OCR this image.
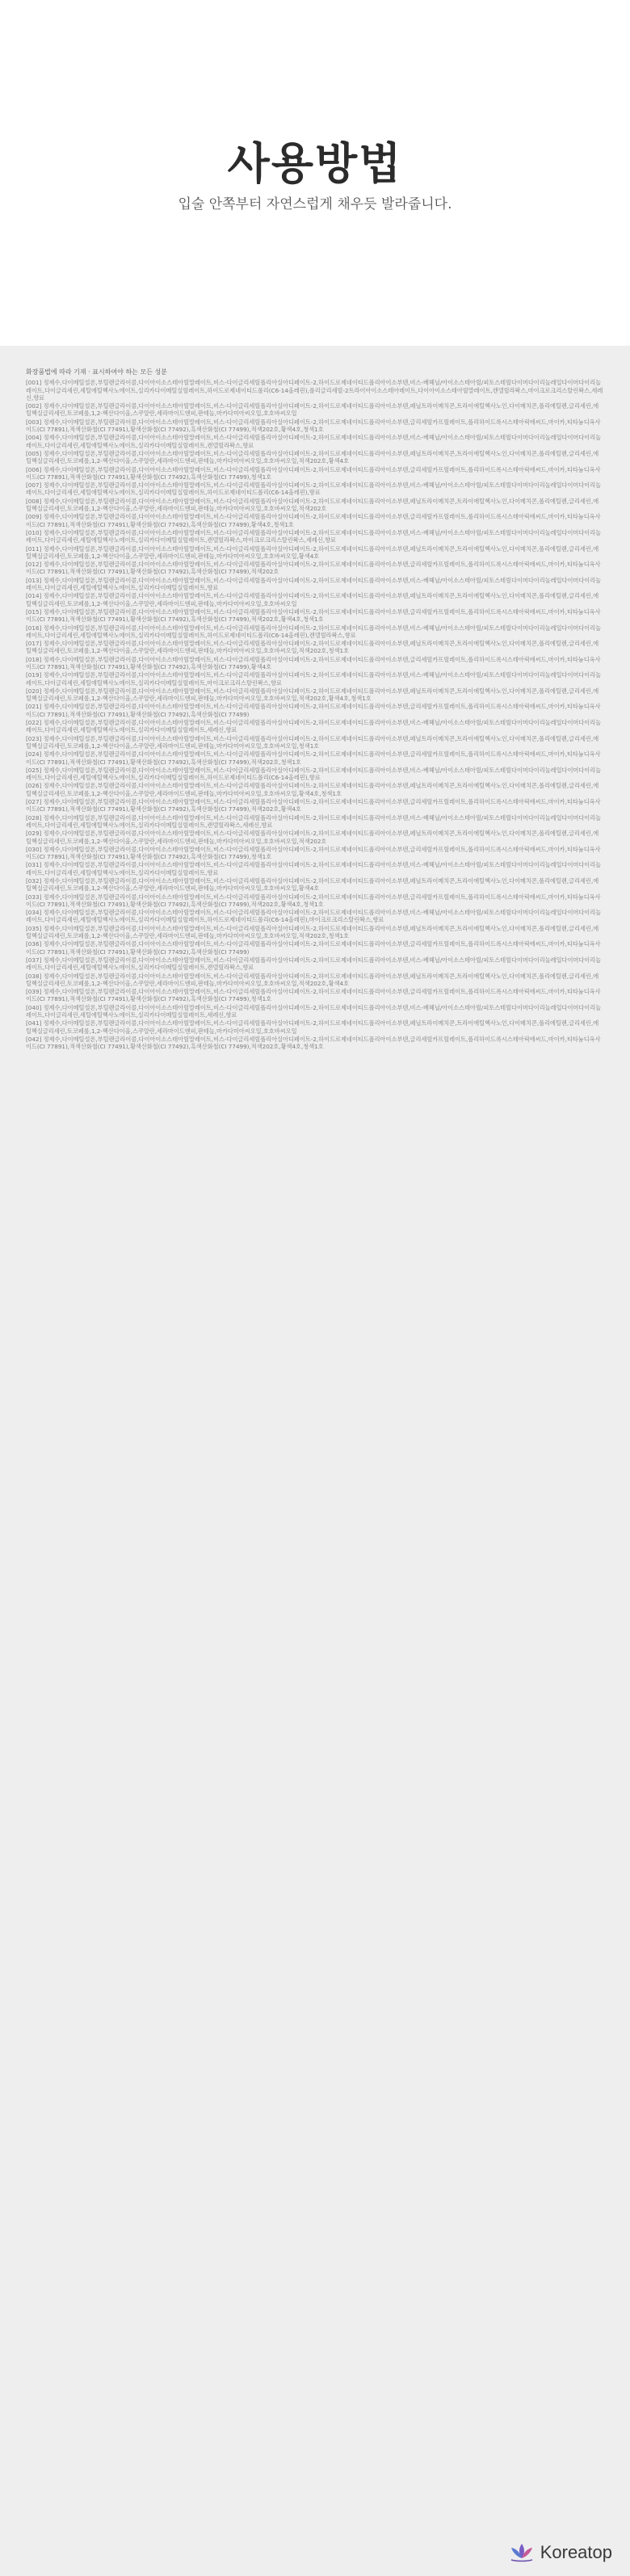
사용방법
입술 안쪽부터 자연스럽게 채우듯 발라줍니다.
화장품법에 따라 기재 · 표시하여야 하는 모든 성분
[001] 정제수,다이메틸설폰,부틸렌글라이콜,다이아이소스테아릴말레이트,비스-다이글리세릴폴리아실아디페이트-2,하이드로제네이티드폴리아이소부텐,비스-베헤닐/아이소스테아릴/피토스테릴다이머다이리놀레일다이머다이리놀레이트,다이글리세린,세틸에틸헥사노에이트,실리카다이메틸실릴레이트,하이드로제네이티드폴리(C6-14올레핀),폴리글리세릴-2트라이아이소스테아레이트,다이아이소스테아릴말레이트,캔델릴라왁스,마이크로크리스탈린왁스,세레신,향료
[002] 정제수,다이메틸설폰,부틸렌글라이콜,다이아이소스테아릴말레이트,비스-다이글리세릴폴리아실아디페이트-2,하이드로제네이티드폴리아이소부텐,페닐트라이메치콘,트라이에틸헥사노인,다이메치콘,폴리에틸렌,글리세린,에틸헥실글리세린,토코페롤,1,2-헥산다이올,스쿠알란,세라마이드엔피,판테놀,마카다미아씨오일,호호바씨오일
[003] 정제수,다이메틸설폰,부틸렌글라이콜,다이아이소스테아릴말레이트,비스-다이글리세릴폴리아실아디페이트-2,하이드로제네이티드폴리아이소부텐,글리세릴카프릴레이트,폴리하이드록시스테아릭애씨드,마이카,티타늄디옥사이드(CI 77891),적색산화철(CI 77491),황색산화철(CI 77492),흑색산화철(CI 77499),적색202호,황색4호,청색1호
[004] 정제수,다이메틸설폰,부틸렌글라이콜,다이아이소스테아릴말레이트,비스-다이글리세릴폴리아실아디페이트-2,하이드로제네이티드폴리아이소부텐,비스-베헤닐/아이소스테아릴/피토스테릴다이머다이리놀레일다이머다이리놀레이트,다이글리세린,세틸에틸헥사노에이트,실리카다이메틸실릴레이트,캔델릴라왁스,향료
[005] 정제수,다이메틸설폰,부틸렌글라이콜,다이아이소스테아릴말레이트,비스-다이글리세릴폴리아실아디페이트-2,하이드로제네이티드폴리아이소부텐,페닐트라이메치콘,트라이에틸헥사노인,다이메치콘,폴리에틸렌,글리세린,에틸헥실글리세린,토코페롤,1,2-헥산다이올,스쿠알란,세라마이드엔피,판테놀,마카다미아씨오일,호호바씨오일,적색202호,황색4호
[006] 정제수,다이메틸설폰,부틸렌글라이콜,다이아이소스테아릴말레이트,비스-다이글리세릴폴리아실아디페이트-2,하이드로제네이티드폴리아이소부텐,글리세릴카프릴레이트,폴리하이드록시스테아릭애씨드,마이카,티타늄디옥사이드(CI 77891),적색산화철(CI 77491),황색산화철(CI 77492),흑색산화철(CI 77499),청색1호
[007] 정제수,다이메틸설폰,부틸렌글라이콜,다이아이소스테아릴말레이트,비스-다이글리세릴폴리아실아디페이트-2,하이드로제네이티드폴리아이소부텐,비스-베헤닐/아이소스테아릴/피토스테릴다이머다이리놀레일다이머다이리놀레이트,다이글리세린,세틸에틸헥사노에이트,실리카다이메틸실릴레이트,하이드로제네이티드폴리(C6-14올레핀),향료
[008] 정제수,다이메틸설폰,부틸렌글라이콜,다이아이소스테아릴말레이트,비스-다이글리세릴폴리아실아디페이트-2,하이드로제네이티드폴리아이소부텐,페닐트라이메치콘,트라이에틸헥사노인,다이메치콘,폴리에틸렌,글리세린,에틸헥실글리세린,토코페롤,1,2-헥산다이올,스쿠알란,세라마이드엔피,판테놀,마카다미아씨오일,호호바씨오일,적색202호
[009] 정제수,다이메틸설폰,부틸렌글라이콜,다이아이소스테아릴말레이트,비스-다이글리세릴폴리아실아디페이트-2,하이드로제네이티드폴리아이소부텐,글리세릴카프릴레이트,폴리하이드록시스테아릭애씨드,마이카,티타늄디옥사이드(CI 77891),적색산화철(CI 77491),황색산화철(CI 77492),흑색산화철(CI 77499),황색4호,청색1호
[010] 정제수,다이메틸설폰,부틸렌글라이콜,다이아이소스테아릴말레이트,비스-다이글리세릴폴리아실아디페이트-2,하이드로제네이티드폴리아이소부텐,비스-베헤닐/아이소스테아릴/피토스테릴다이머다이리놀레일다이머다이리놀레이트,다이글리세린,세틸에틸헥사노에이트,실리카다이메틸실릴레이트,캔델릴라왁스,마이크로크리스탈린왁스,세레신,향료
[011] 정제수,다이메틸설폰,부틸렌글라이콜,다이아이소스테아릴말레이트,비스-다이글리세릴폴리아실아디페이트-2,하이드로제네이티드폴리아이소부텐,페닐트라이메치콘,트라이에틸헥사노인,다이메치콘,폴리에틸렌,글리세린,에틸헥실글리세린,토코페롤,1,2-헥산다이올,스쿠알란,세라마이드엔피,판테놀,마카다미아씨오일,호호바씨오일,황색4호
[012] 정제수,다이메틸설폰,부틸렌글라이콜,다이아이소스테아릴말레이트,비스-다이글리세릴폴리아실아디페이트-2,하이드로제네이티드폴리아이소부텐,글리세릴카프릴레이트,폴리하이드록시스테아릭애씨드,마이카,티타늄디옥사이드(CI 77891),적색산화철(CI 77491),황색산화철(CI 77492),흑색산화철(CI 77499),적색202호
[013] 정제수,다이메틸설폰,부틸렌글라이콜,다이아이소스테아릴말레이트,비스-다이글리세릴폴리아실아디페이트-2,하이드로제네이티드폴리아이소부텐,비스-베헤닐/아이소스테아릴/피토스테릴다이머다이리놀레일다이머다이리놀레이트,다이글리세린,세틸에틸헥사노에이트,실리카다이메틸실릴레이트,향료
[014] 정제수,다이메틸설폰,부틸렌글라이콜,다이아이소스테아릴말레이트,비스-다이글리세릴폴리아실아디페이트-2,하이드로제네이티드폴리아이소부텐,페닐트라이메치콘,트라이에틸헥사노인,다이메치콘,폴리에틸렌,글리세린,에틸헥실글리세린,토코페롤,1,2-헥산다이올,스쿠알란,세라마이드엔피,판테놀,마카다미아씨오일,호호바씨오일
[015] 정제수,다이메틸설폰,부틸렌글라이콜,다이아이소스테아릴말레이트,비스-다이글리세릴폴리아실아디페이트-2,하이드로제네이티드폴리아이소부텐,글리세릴카프릴레이트,폴리하이드록시스테아릭애씨드,마이카,티타늄디옥사이드(CI 77891),적색산화철(CI 77491),황색산화철(CI 77492),흑색산화철(CI 77499),적색202호,황색4호,청색1호
[016] 정제수,다이메틸설폰,부틸렌글라이콜,다이아이소스테아릴말레이트,비스-다이글리세릴폴리아실아디페이트-2,하이드로제네이티드폴리아이소부텐,비스-베헤닐/아이소스테아릴/피토스테릴다이머다이리놀레일다이머다이리놀레이트,다이글리세린,세틸에틸헥사노에이트,실리카다이메틸실릴레이트,하이드로제네이티드폴리(C6-14올레핀),캔델릴라왁스,향료
[017] 정제수,다이메틸설폰,부틸렌글라이콜,다이아이소스테아릴말레이트,비스-다이글리세릴폴리아실아디페이트-2,하이드로제네이티드폴리아이소부텐,페닐트라이메치콘,트라이에틸헥사노인,다이메치콘,폴리에틸렌,글리세린,에틸헥실글리세린,토코페롤,1,2-헥산다이올,스쿠알란,세라마이드엔피,판테놀,마카다미아씨오일,호호바씨오일,적색202호,청색1호
[018] 정제수,다이메틸설폰,부틸렌글라이콜,다이아이소스테아릴말레이트,비스-다이글리세릴폴리아실아디페이트-2,하이드로제네이티드폴리아이소부텐,글리세릴카프릴레이트,폴리하이드록시스테아릭애씨드,마이카,티타늄디옥사이드(CI 77891),적색산화철(CI 77491),황색산화철(CI 77492),흑색산화철(CI 77499),황색4호
[019] 정제수,다이메틸설폰,부틸렌글라이콜,다이아이소스테아릴말레이트,비스-다이글리세릴폴리아실아디페이트-2,하이드로제네이티드폴리아이소부텐,비스-베헤닐/아이소스테아릴/피토스테릴다이머다이리놀레일다이머다이리놀레이트,다이글리세린,세틸에틸헥사노에이트,실리카다이메틸실릴레이트,마이크로크리스탈린왁스,향료
[020] 정제수,다이메틸설폰,부틸렌글라이콜,다이아이소스테아릴말레이트,비스-다이글리세릴폴리아실아디페이트-2,하이드로제네이티드폴리아이소부텐,페닐트라이메치콘,트라이에틸헥사노인,다이메치콘,폴리에틸렌,글리세린,에틸헥실글리세린,토코페롤,1,2-헥산다이올,스쿠알란,세라마이드엔피,판테놀,마카다미아씨오일,호호바씨오일,적색202호,황색4호,청색1호
[021] 정제수,다이메틸설폰,부틸렌글라이콜,다이아이소스테아릴말레이트,비스-다이글리세릴폴리아실아디페이트-2,하이드로제네이티드폴리아이소부텐,글리세릴카프릴레이트,폴리하이드록시스테아릭애씨드,마이카,티타늄디옥사이드(CI 77891),적색산화철(CI 77491),황색산화철(CI 77492),흑색산화철(CI 77499)
[022] 정제수,다이메틸설폰,부틸렌글라이콜,다이아이소스테아릴말레이트,비스-다이글리세릴폴리아실아디페이트-2,하이드로제네이티드폴리아이소부텐,비스-베헤닐/아이소스테아릴/피토스테릴다이머다이리놀레일다이머다이리놀레이트,다이글리세린,세틸에틸헥사노에이트,실리카다이메틸실릴레이트,세레신,향료
[023] 정제수,다이메틸설폰,부틸렌글라이콜,다이아이소스테아릴말레이트,비스-다이글리세릴폴리아실아디페이트-2,하이드로제네이티드폴리아이소부텐,페닐트라이메치콘,트라이에틸헥사노인,다이메치콘,폴리에틸렌,글리세린,에틸헥실글리세린,토코페롤,1,2-헥산다이올,스쿠알란,세라마이드엔피,판테놀,마카다미아씨오일,호호바씨오일,청색1호
[024] 정제수,다이메틸설폰,부틸렌글라이콜,다이아이소스테아릴말레이트,비스-다이글리세릴폴리아실아디페이트-2,하이드로제네이티드폴리아이소부텐,글리세릴카프릴레이트,폴리하이드록시스테아릭애씨드,마이카,티타늄디옥사이드(CI 77891),적색산화철(CI 77491),황색산화철(CI 77492),흑색산화철(CI 77499),적색202호,청색1호
[025] 정제수,다이메틸설폰,부틸렌글라이콜,다이아이소스테아릴말레이트,비스-다이글리세릴폴리아실아디페이트-2,하이드로제네이티드폴리아이소부텐,비스-베헤닐/아이소스테아릴/피토스테릴다이머다이리놀레일다이머다이리놀레이트,다이글리세린,세틸에틸헥사노에이트,실리카다이메틸실릴레이트,하이드로제네이티드폴리(C6-14올레핀),향료
[026] 정제수,다이메틸설폰,부틸렌글라이콜,다이아이소스테아릴말레이트,비스-다이글리세릴폴리아실아디페이트-2,하이드로제네이티드폴리아이소부텐,페닐트라이메치콘,트라이에틸헥사노인,다이메치콘,폴리에틸렌,글리세린,에틸헥실글리세린,토코페롤,1,2-헥산다이올,스쿠알란,세라마이드엔피,판테놀,마카다미아씨오일,호호바씨오일,황색4호,청색1호
[027] 정제수,다이메틸설폰,부틸렌글라이콜,다이아이소스테아릴말레이트,비스-다이글리세릴폴리아실아디페이트-2,하이드로제네이티드폴리아이소부텐,글리세릴카프릴레이트,폴리하이드록시스테아릭애씨드,마이카,티타늄디옥사이드(CI 77891),적색산화철(CI 77491),황색산화철(CI 77492),흑색산화철(CI 77499),적색202호,황색4호
[028] 정제수,다이메틸설폰,부틸렌글라이콜,다이아이소스테아릴말레이트,비스-다이글리세릴폴리아실아디페이트-2,하이드로제네이티드폴리아이소부텐,비스-베헤닐/아이소스테아릴/피토스테릴다이머다이리놀레일다이머다이리놀레이트,다이글리세린,세틸에틸헥사노에이트,실리카다이메틸실릴레이트,캔델릴라왁스,세레신,향료
[029] 정제수,다이메틸설폰,부틸렌글라이콜,다이아이소스테아릴말레이트,비스-다이글리세릴폴리아실아디페이트-2,하이드로제네이티드폴리아이소부텐,페닐트라이메치콘,트라이에틸헥사노인,다이메치콘,폴리에틸렌,글리세린,에틸헥실글리세린,토코페롤,1,2-헥산다이올,스쿠알란,세라마이드엔피,판테놀,마카다미아씨오일,호호바씨오일,적색202호
[030] 정제수,다이메틸설폰,부틸렌글라이콜,다이아이소스테아릴말레이트,비스-다이글리세릴폴리아실아디페이트-2,하이드로제네이티드폴리아이소부텐,글리세릴카프릴레이트,폴리하이드록시스테아릭애씨드,마이카,티타늄디옥사이드(CI 77891),적색산화철(CI 77491),황색산화철(CI 77492),흑색산화철(CI 77499),청색1호
[031] 정제수,다이메틸설폰,부틸렌글라이콜,다이아이소스테아릴말레이트,비스-다이글리세릴폴리아실아디페이트-2,하이드로제네이티드폴리아이소부텐,비스-베헤닐/아이소스테아릴/피토스테릴다이머다이리놀레일다이머다이리놀레이트,다이글리세린,세틸에틸헥사노에이트,실리카다이메틸실릴레이트,향료
[032] 정제수,다이메틸설폰,부틸렌글라이콜,다이아이소스테아릴말레이트,비스-다이글리세릴폴리아실아디페이트-2,하이드로제네이티드폴리아이소부텐,페닐트라이메치콘,트라이에틸헥사노인,다이메치콘,폴리에틸렌,글리세린,에틸헥실글리세린,토코페롤,1,2-헥산다이올,스쿠알란,세라마이드엔피,판테놀,마카다미아씨오일,호호바씨오일,황색4호
[033] 정제수,다이메틸설폰,부틸렌글라이콜,다이아이소스테아릴말레이트,비스-다이글리세릴폴리아실아디페이트-2,하이드로제네이티드폴리아이소부텐,글리세릴카프릴레이트,폴리하이드록시스테아릭애씨드,마이카,티타늄디옥사이드(CI 77891),적색산화철(CI 77491),황색산화철(CI 77492),흑색산화철(CI 77499),적색202호,황색4호,청색1호
[034] 정제수,다이메틸설폰,부틸렌글라이콜,다이아이소스테아릴말레이트,비스-다이글리세릴폴리아실아디페이트-2,하이드로제네이티드폴리아이소부텐,비스-베헤닐/아이소스테아릴/피토스테릴다이머다이리놀레일다이머다이리놀레이트,다이글리세린,세틸에틸헥사노에이트,실리카다이메틸실릴레이트,하이드로제네이티드폴리(C6-14올레핀),마이크로크리스탈린왁스,향료
[035] 정제수,다이메틸설폰,부틸렌글라이콜,다이아이소스테아릴말레이트,비스-다이글리세릴폴리아실아디페이트-2,하이드로제네이티드폴리아이소부텐,페닐트라이메치콘,트라이에틸헥사노인,다이메치콘,폴리에틸렌,글리세린,에틸헥실글리세린,토코페롤,1,2-헥산다이올,스쿠알란,세라마이드엔피,판테놀,마카다미아씨오일,호호바씨오일,적색202호,청색1호
[036] 정제수,다이메틸설폰,부틸렌글라이콜,다이아이소스테아릴말레이트,비스-다이글리세릴폴리아실아디페이트-2,하이드로제네이티드폴리아이소부텐,글리세릴카프릴레이트,폴리하이드록시스테아릭애씨드,마이카,티타늄디옥사이드(CI 77891),적색산화철(CI 77491),황색산화철(CI 77492),흑색산화철(CI 77499)
[037] 정제수,다이메틸설폰,부틸렌글라이콜,다이아이소스테아릴말레이트,비스-다이글리세릴폴리아실아디페이트-2,하이드로제네이티드폴리아이소부텐,비스-베헤닐/아이소스테아릴/피토스테릴다이머다이리놀레일다이머다이리놀레이트,다이글리세린,세틸에틸헥사노에이트,실리카다이메틸실릴레이트,캔델릴라왁스,향료
[038] 정제수,다이메틸설폰,부틸렌글라이콜,다이아이소스테아릴말레이트,비스-다이글리세릴폴리아실아디페이트-2,하이드로제네이티드폴리아이소부텐,페닐트라이메치콘,트라이에틸헥사노인,다이메치콘,폴리에틸렌,글리세린,에틸헥실글리세린,토코페롤,1,2-헥산다이올,스쿠알란,세라마이드엔피,판테놀,마카다미아씨오일,호호바씨오일,적색202호,황색4호
[039] 정제수,다이메틸설폰,부틸렌글라이콜,다이아이소스테아릴말레이트,비스-다이글리세릴폴리아실아디페이트-2,하이드로제네이티드폴리아이소부텐,글리세릴카프릴레이트,폴리하이드록시스테아릭애씨드,마이카,티타늄디옥사이드(CI 77891),적색산화철(CI 77491),황색산화철(CI 77492),흑색산화철(CI 77499),청색1호
[040] 정제수,다이메틸설폰,부틸렌글라이콜,다이아이소스테아릴말레이트,비스-다이글리세릴폴리아실아디페이트-2,하이드로제네이티드폴리아이소부텐,비스-베헤닐/아이소스테아릴/피토스테릴다이머다이리놀레일다이머다이리놀레이트,다이글리세린,세틸에틸헥사노에이트,실리카다이메틸실릴레이트,세레신,향료
[041] 정제수,다이메틸설폰,부틸렌글라이콜,다이아이소스테아릴말레이트,비스-다이글리세릴폴리아실아디페이트-2,하이드로제네이티드폴리아이소부텐,페닐트라이메치콘,트라이에틸헥사노인,다이메치콘,폴리에틸렌,글리세린,에틸헥실글리세린,토코페롤,1,2-헥산다이올,스쿠알란,세라마이드엔피,판테놀,마카다미아씨오일,호호바씨오일
[042] 정제수,다이메틸설폰,부틸렌글라이콜,다이아이소스테아릴말레이트,비스-다이글리세릴폴리아실아디페이트-2,하이드로제네이티드폴리아이소부텐,글리세릴카프릴레이트,폴리하이드록시스테아릭애씨드,마이카,티타늄디옥사이드(CI 77891),적색산화철(CI 77491),황색산화철(CI 77492),흑색산화철(CI 77499),적색202호,황색4호,청색1호
Koreatop
